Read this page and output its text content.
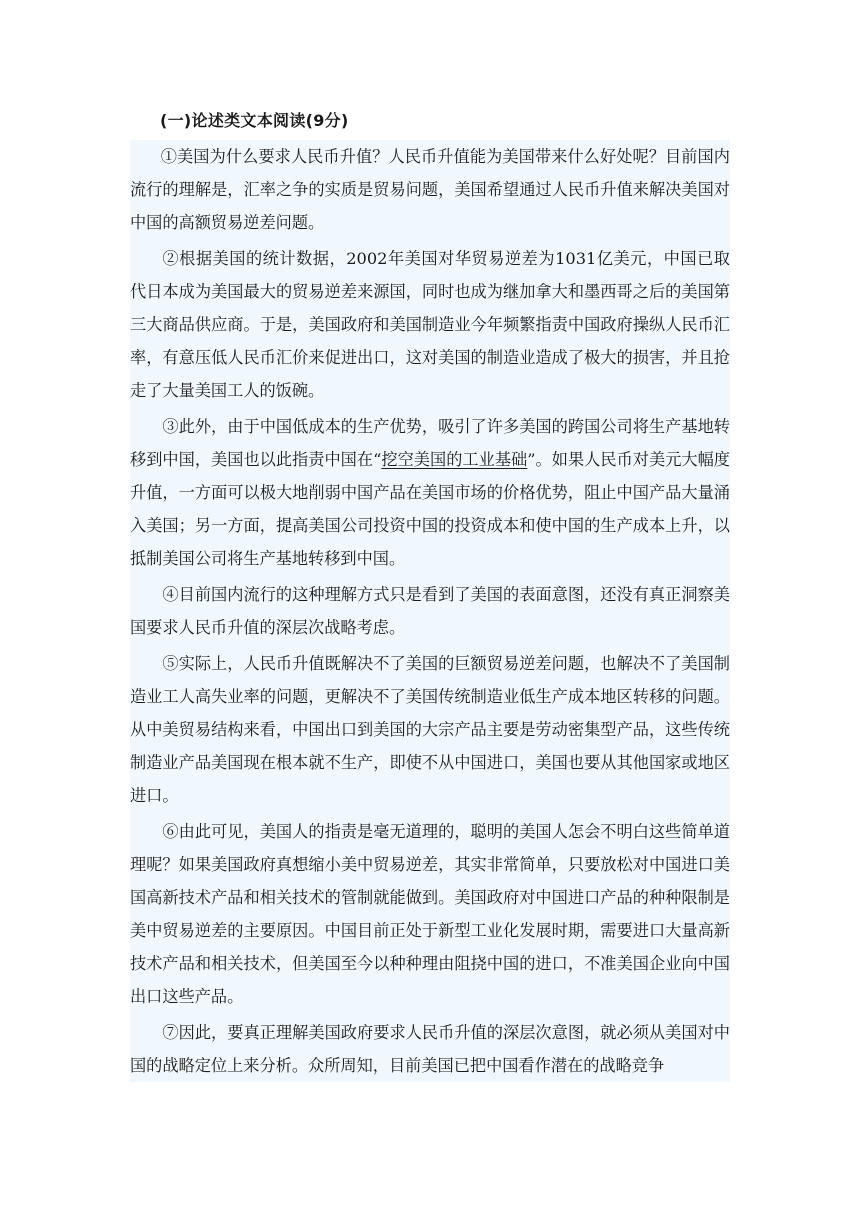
(一)论述类文本阅读(9分)

①美国为什么要求人民币升值？人民币升值能为美国带来什么好处呢？目前国内流行的理解是，汇率之争的实质是贸易问题，美国希望通过人民币升值来解决美国对中国的高额贸易逆差问题。

②根据美国的统计数据，2002年美国对华贸易逆差为1031亿美元，中国已取代日本成为美国最大的贸易逆差来源国，同时也成为继加拿大和墨西哥之后的美国第三大商品供应商。于是，美国政府和美国制造业今年频繁指责中国政府操纵人民币汇率，有意压低人民币汇价来促进出口，这对美国的制造业造成了极大的损害，并且抢走了大量美国工人的饭碗。

③此外，由于中国低成本的生产优势，吸引了许多美国的跨国公司将生产基地转移到中国，美国也以此指责中国在“挖空美国的工业基础”。如果人民币对美元大幅度升值，一方面可以极大地削弱中国产品在美国市场的价格优势，阻止中国产品大量涌入美国；另一方面，提高美国公司投资中国的投资成本和使中国的生产成本上升，以抵制美国公司将生产基地转移到中国。

④目前国内流行的这种理解方式只是看到了美国的表面意图，还没有真正洞察美国要求人民币升值的深层次战略考虑。

⑤实际上，人民币升值既解决不了美国的巨额贸易逆差问题，也解决不了美国制造业工人高失业率的问题，更解决不了美国传统制造业低生产成本地区转移的问题。从中美贸易结构来看，中国出口到美国的大宗产品主要是劳动密集型产品，这些传统制造业产品美国现在根本就不生产，即使不从中国进口，美国也要从其他国家或地区进口。

⑥由此可见，美国人的指责是毫无道理的，聪明的美国人怎会不明白这些简单道理呢？如果美国政府真想缩小美中贸易逆差，其实非常简单，只要放松对中国进口美国高新技术产品和相关技术的管制就能做到。美国政府对中国进口产品的种种限制是美中贸易逆差的主要原因。中国目前正处于新型工业化发展时期，需要进口大量高新技术产品和相关技术，但美国至今以种种理由阻挠中国的进口，不准美国企业向中国出口这些产品。

⑦因此，要真正理解美国政府要求人民币升值的深层次意图，就必须从美国对中国的战略定位上来分析。众所周知，目前美国已把中国看作潜在的战略竞争
